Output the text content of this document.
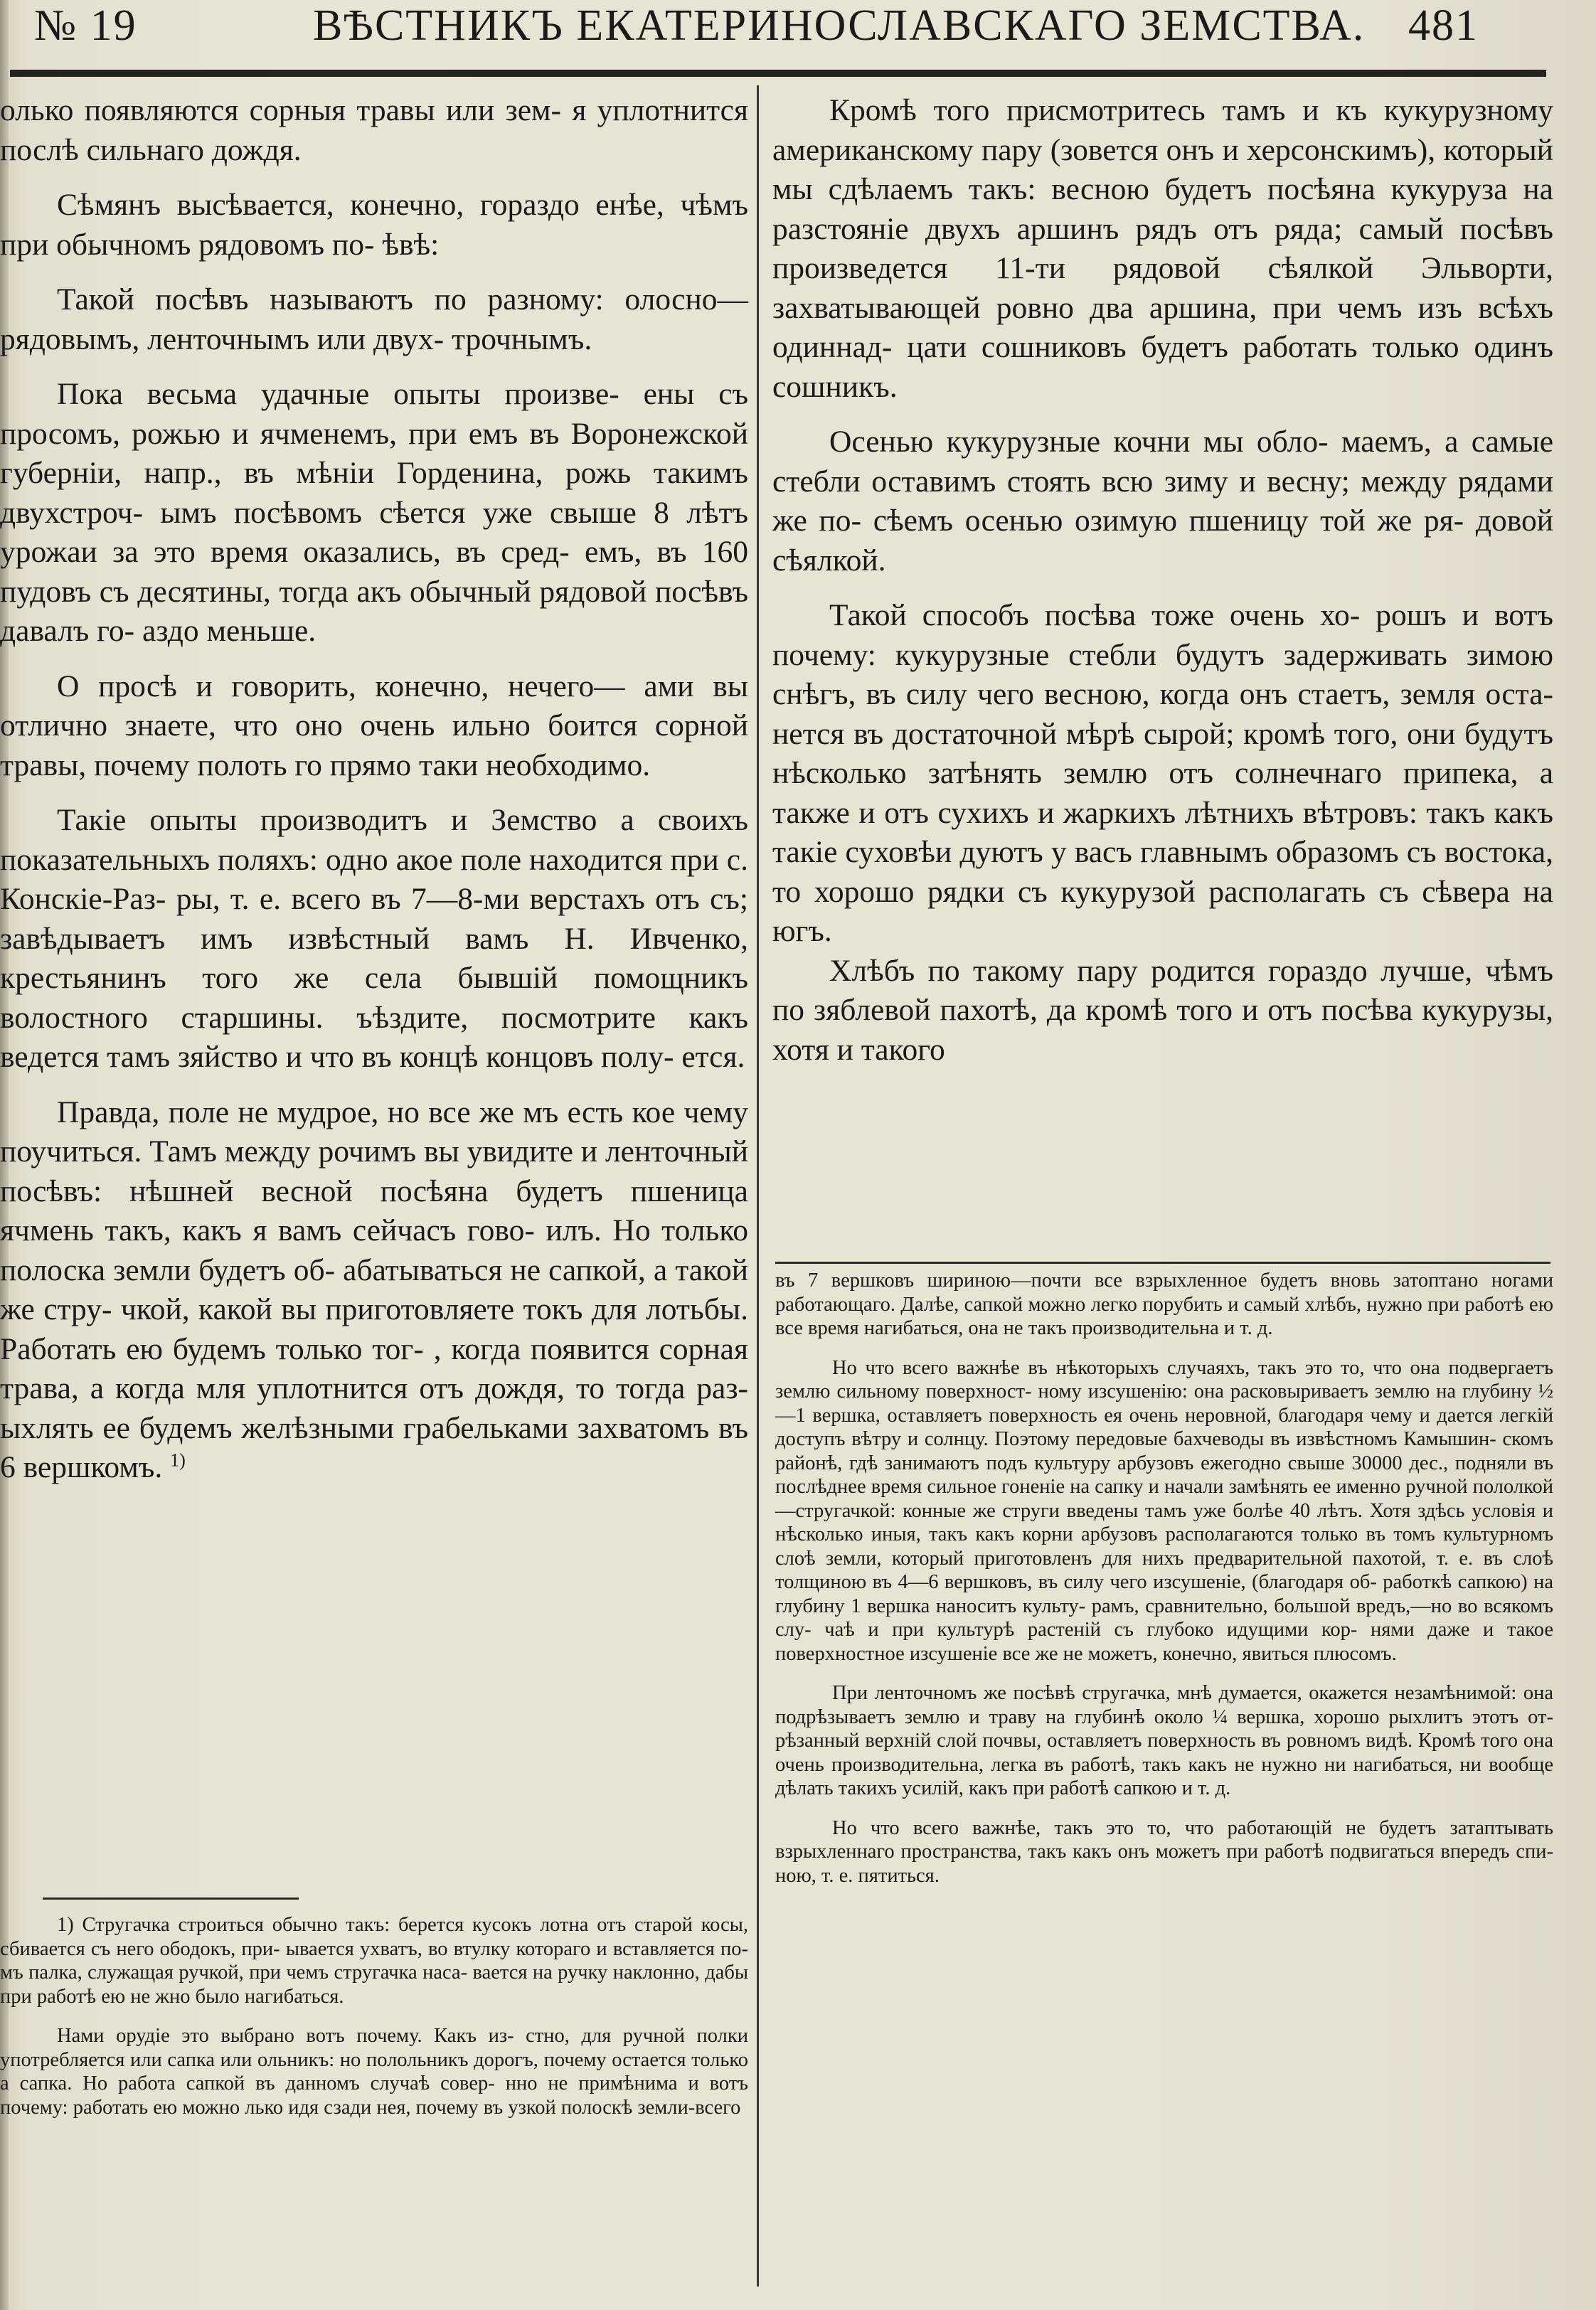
№ 19	ВѢСТНИКЪ ЕКАТЕРИНОСЛАВСКАГО ЗЕМСТВА. 481

олько появляются сорныя травы или зем- я уплотнится послѣ сильнаго дождя.

Сѣмянъ высѣвается, конечно, гораздо енѣе, чѣмъ при обычномъ рядовомъ по- ѣвѣ:

Такой посѣвъ называютъ по разному: олосно—рядовымъ, ленточнымъ или двух- трочнымъ.

Пока весьма удачные опыты произве- ены съ просомъ, рожью и ячменемъ, при емъ въ Воронежской губерніи, напр., въ мѣніи Горденина, рожь такимъ двухстроч- ымъ посѣвомъ сѣется уже свыше 8 лѣтъ урожаи за это время оказались, въ сред- емъ, въ 160 пудовъ съ десятины, тогда акъ обычный рядовой посѣвъ давалъ го- аздо меньше.

О просѣ и говорить, конечно, нечего— ами вы отлично знаете, что оно очень ильно боится сорной травы, почему полоть го прямо таки необходимо.

Такіе опыты производитъ и Земство а своихъ показательныхъ поляхъ: одно акое поле находится при с. Конскіе-Раз- ры, т. е. всего въ 7—8-ми верстахъ отъ съ; завѣдываетъ имъ извѣстный вамъ Н. Ивченко, крестьянинъ того же села бывшій помощникъ волостного старшины. ъѣздите, посмотрите какъ ведется тамъ зяйство и что въ концѣ концовъ полу- ется.

Правда, поле не мудрое, но все же мъ есть кое чему поучиться. Тамъ между рочимъ вы увидите и ленточный посѣвъ: нѣшней весной посѣяна будетъ пшеница ячмень такъ, какъ я вамъ сейчасъ гово- илъ. Но только полоска земли будетъ об- абатываться не сапкой, а такой же стру- чкой, какой вы приготовляете токъ для лотьбы. Работать ею будемъ только тог- , когда появится сорная трава, а когда мля уплотнится отъ дождя, то тогда раз- ыхлять ее будемъ желѣзными грабельками захватомъ въ 6 вершкомъ. $^{1)}$

1) Стругачка строиться обычно такъ: берется кусокъ лотна отъ старой косы, сбивается съ него ободокъ, при- ывается ухватъ, во втулку котораго и вставляется по- мъ палка, служащая ручкой, при чемъ стругачка наса- вается на ручку наклонно, дабы при работѣ ею не жно было нагибаться.

Нами орудіе это выбрано вотъ почему. Какъ из- стно, для ручной полки употребляется или сапка или ольникъ: но полольникъ дорогъ, почему остается только а сапка. Но работа сапкой въ данномъ случаѣ совер- нно не примѣнима и вотъ почему: работать ею можно лько идя сзади нея, почему въ узкой полоскѣ земли-всего

Кромѣ того присмотритесь тамъ и къ кукурузному американскому пару (зовется онъ и херсонскимъ), который мы сдѣлаемъ такъ: весною будетъ посѣяна кукуруза на разстояніе двухъ аршинъ рядъ отъ ряда; самый посѣвъ произведется 11-ти рядовой сѣялкой Эльворти, захватывающей ровно два аршина, при чемъ изъ всѣхъ одиннад- цати сошниковъ будетъ работать только одинъ сошникъ.

Осенью кукурузные кочни мы обло- маемъ, а самые стебли оставимъ стоять всю зиму и весну; между рядами же по- сѣемъ осенью озимую пшеницу той же ря- довой сѣялкой.

Такой способъ посѣва тоже очень хо- рошъ и вотъ почему: кукурузные стебли будутъ задерживать зимою снѣгъ, въ силу чего весною, когда онъ стаетъ, земля оста- нется въ достаточной мѣрѣ сырой; кромѣ того, они будутъ нѣсколько затѣнять землю отъ солнечнаго припека, а также и отъ сухихъ и жаркихъ лѣтнихъ вѣтровъ: такъ какъ такіе суховѣи дуютъ у васъ главнымъ образомъ съ востока, то хорошо рядки съ кукурузой располагать съ сѣвера на югъ.

Хлѣбъ по такому пару родится гораздо лучше, чѣмъ по зяблевой пахотѣ, да кромѣ того и отъ посѣва кукурузы, хотя и такого

въ 7 вершковъ шириною—почти все взрыхленное будетъ вновь затоптано ногами работающаго. Далѣе, сапкой можно легко порубить и самый хлѣбъ, нужно при работѣ ею все время нагибаться, она не такъ производительна и т. д.

Но что всего важнѣе въ нѣкоторыхъ случаяхъ, такъ это то, что она подвергаетъ землю сильному поверхност- ному изсушенію: она расковыриваетъ землю на глубину ½—1 вершка, оставляетъ поверхность ея очень неровной, благодаря чему и дается легкій доступъ вѣтру и солнцу. Поэтому передовые бахчеводы въ извѣстномъ Камышин- скомъ районѣ, гдѣ занимаютъ подъ культуру арбузовъ ежегодно свыше 30000 дес., подняли въ послѣднее время сильное гоненіе на сапку и начали замѣнять ее именно ручной пололкой—стругачкой: конные же струги введены тамъ уже болѣе 40 лѣтъ. Хотя здѣсь условія и нѣсколько иныя, такъ какъ корни арбузовъ располагаются только въ томъ культурномъ слоѣ земли, который приготовленъ для нихъ предварительной пахотой, т. е. въ слоѣ толщиною въ 4—6 вершковъ, въ силу чего изсушеніе, (благодаря об- работкѣ сапкою) на глубину 1 вершка наноситъ культу- рамъ, сравнительно, большой вредъ,—но во всякомъ слу- чаѣ и при культурѣ растеній съ глубоко идущими кор- нями даже и такое поверхностное изсушеніе все же не можетъ, конечно, явиться плюсомъ.

При ленточномъ же посѣвѣ стругачка, мнѣ думается, окажется незамѣнимой: она подрѣзываетъ землю и траву на глубинѣ около ¼ вершка, хорошо рыхлитъ этотъ от- рѣзанный верхній слой почвы, оставляетъ поверхность въ ровномъ видѣ. Кромѣ того она очень производительна, легка въ работѣ, такъ какъ не нужно ни нагибаться, ни вообще дѣлать такихъ усилій, какъ при работѣ сапкою и т. д.

Но что всего важнѣе, такъ это то, что работающій не будетъ затаптывать взрыхленнаго пространства, такъ какъ онъ можетъ при работѣ подвигаться впередъ спи- ною, т. е. пятиться.
